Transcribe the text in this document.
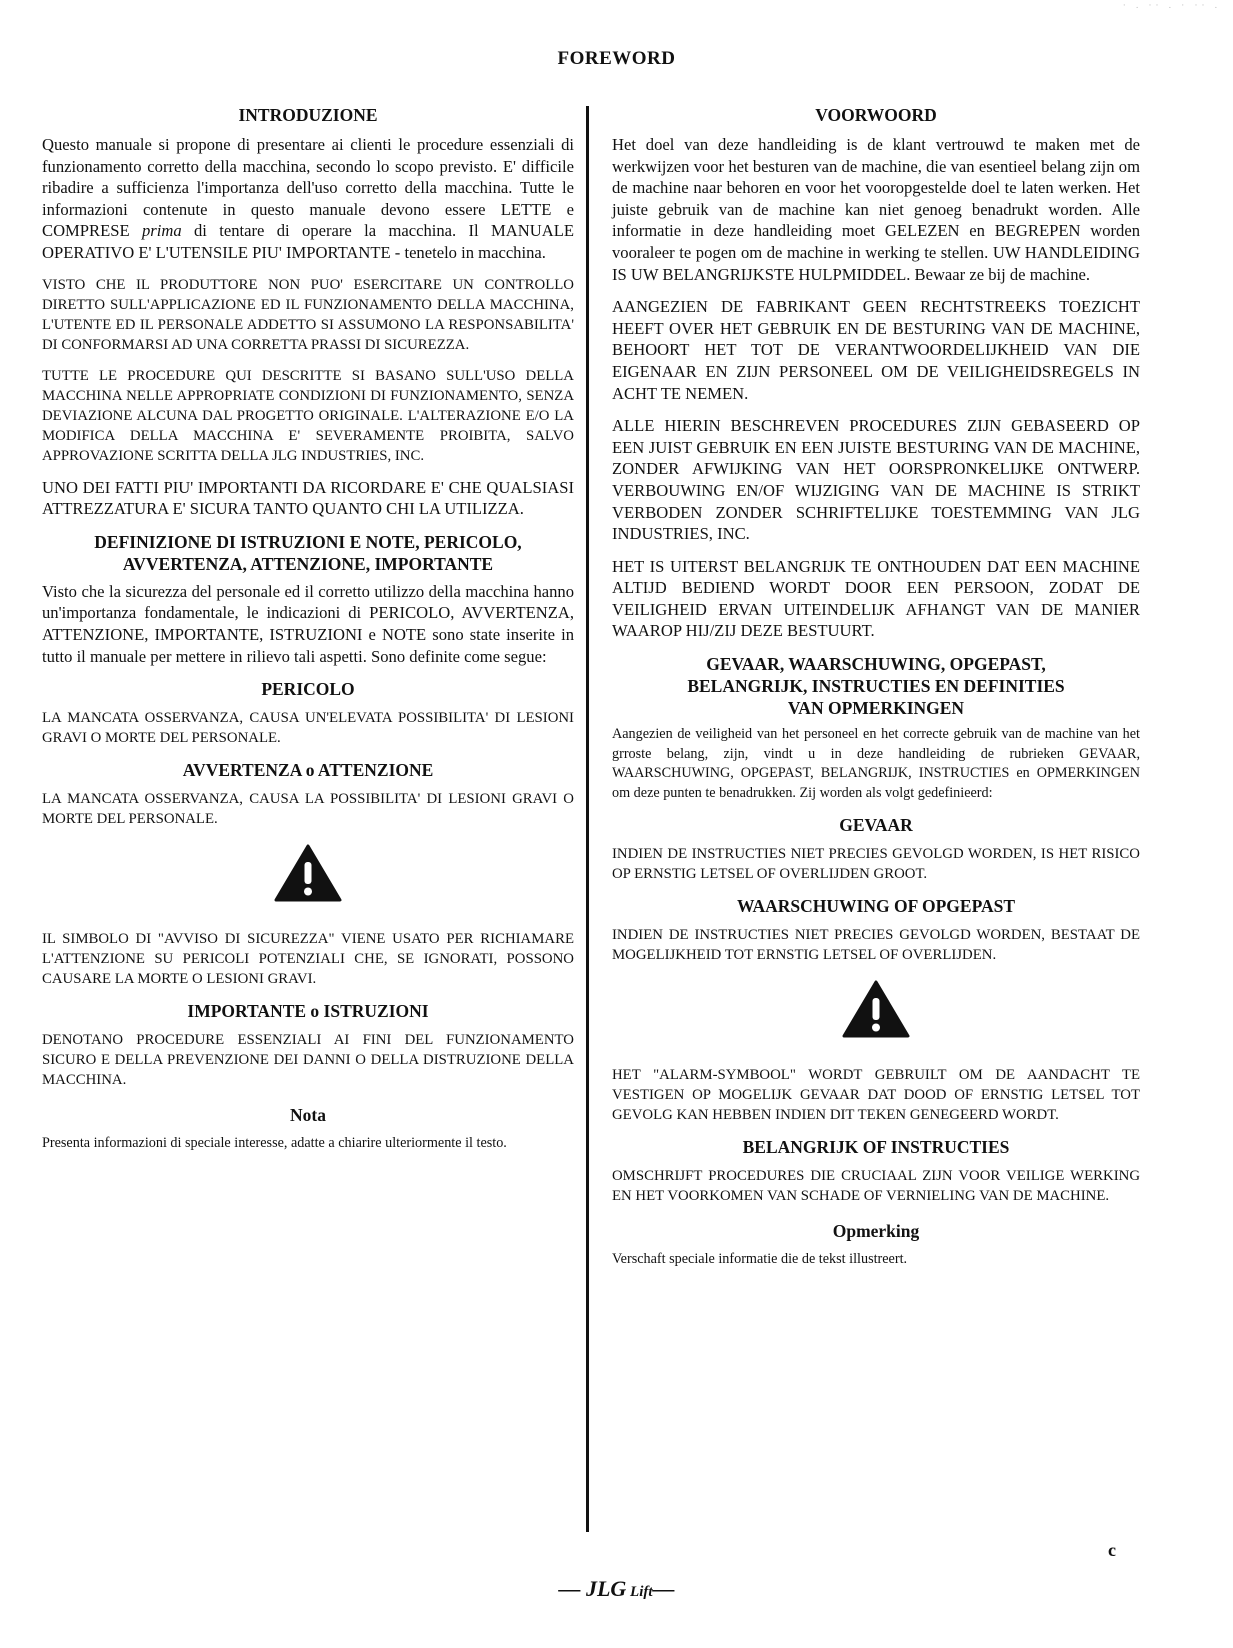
· . ·· . · ·· .
FOREWORD
INTRODUZIONE

Questo manuale si propone di presentare ai clienti le procedure essenziali di funzionamento corretto della macchina, secondo lo scopo previsto. E' difficile ribadire a sufficienza l'importanza dell'uso corretto della macchina. Tutte le informazioni contenute in questo manuale devono essere LETTE e COMPRESE prima di tentare di operare la macchina. Il MANUALE OPERATIVO E' L'UTENSILE PIU' IMPORTANTE - tenetelo in macchina.

VISTO CHE IL PRODUTTORE NON PUO' ESERCITARE UN CONTROLLO DIRETTO SULL'APPLICAZIONE ED IL FUNZIONAMENTO DELLA MACCHINA, L'UTENTE ED IL PERSONALE ADDETTO SI ASSUMONO LA RESPONSABILITA' DI CONFORMARSI AD UNA CORRETTA PRASSI DI SICUREZZA.

TUTTE LE PROCEDURE QUI DESCRITTE SI BASANO SULL'USO DELLA MACCHINA NELLE APPROPRIATE CONDIZIONI DI FUNZIONAMENTO, SENZA DEVIAZIONE ALCUNA DAL PROGETTO ORIGINALE. L'ALTERAZIONE E/O LA MODIFICA DELLA MACCHINA E' SEVERAMENTE PROIBITA, SALVO APPROVAZIONE SCRITTA DELLA JLG INDUSTRIES, INC.

UNO DEI FATTI PIU' IMPORTANTI DA RICORDARE E' CHE QUALSIASI ATTREZZATURA E' SICURA TANTO QUANTO CHI LA UTILIZZA.

DEFINIZIONE DI ISTRUZIONI E NOTE, PERICOLO,
AVVERTENZA, ATTENZIONE, IMPORTANTE

Visto che la sicurezza del personale ed il corretto utilizzo della macchina hanno un'importanza fondamentale, le indicazioni di PERICOLO, AVVERTENZA, ATTENZIONE, IMPORTANTE, ISTRUZIONI e NOTE sono state inserite in tutto il manuale per mettere in rilievo tali aspetti. Sono definite come segue:

PERICOLO

LA MANCATA OSSERVANZA, CAUSA UN'ELEVATA POSSIBILITA' DI LESIONI GRAVI O MORTE DEL PERSONALE.

AVVERTENZA o ATTENZIONE

LA MANCATA OSSERVANZA, CAUSA LA POSSIBILITA' DI LESIONI GRAVI O MORTE DEL PERSONALE.

IL SIMBOLO DI "AVVISO DI SICUREZZA" VIENE USATO PER RICHIAMARE L'ATTENZIONE SU PERICOLI POTENZIALI CHE, SE IGNORATI, POSSONO CAUSARE LA MORTE O LESIONI GRAVI.

IMPORTANTE o ISTRUZIONI

DENOTANO PROCEDURE ESSENZIALI AI FINI DEL FUNZIONAMENTO SICURO E DELLA PREVENZIONE DEI DANNI O DELLA DISTRUZIONE DELLA MACCHINA.

Nota

Presenta informazioni di speciale interesse, adatte a chiarire ulteriormente il testo.

VOORWOORD

Het doel van deze handleiding is de klant vertrouwd te maken met de werkwijzen voor het besturen van de machine, die van esentieel belang zijn om de machine naar behoren en voor het vooropgestelde doel te laten werken. Het juiste gebruik van de machine kan niet genoeg benadrukt worden. Alle informatie in deze handleiding moet GELEZEN en BEGREPEN worden vooraleer te pogen om de machine in werking te stellen. UW HANDLEIDING IS UW BELANGRIJKSTE HULPMIDDEL. Bewaar ze bij de machine.

AANGEZIEN DE FABRIKANT GEEN RECHTSTREEKS TOEZICHT HEEFT OVER HET GEBRUIK EN DE BESTURING VAN DE MACHINE, BEHOORT HET TOT DE VERANTWOORDELIJKHEID VAN DIE EIGENAAR EN ZIJN PERSONEEL OM DE VEILIGHEIDSREGELS IN ACHT TE NEMEN.

ALLE HIERIN BESCHREVEN PROCEDURES ZIJN GEBASEERD OP EEN JUIST GEBRUIK EN EEN JUISTE BESTURING VAN DE MACHINE, ZONDER AFWIJKING VAN HET OORSPRONKELIJKE ONTWERP. VERBOUWING EN/OF WIJZIGING VAN DE MACHINE IS STRIKT VERBODEN ZONDER SCHRIFTELIJKE TOESTEMMING VAN JLG INDUSTRIES, INC.

HET IS UITERST BELANGRIJK TE ONTHOUDEN DAT EEN MACHINE ALTIJD BEDIEND WORDT DOOR EEN PERSOON, ZODAT DE VEILIGHEID ERVAN UITEINDELIJK AFHANGT VAN DE MANIER WAAROP HIJ/ZIJ DEZE BESTUURT.

GEVAAR, WAARSCHUWING, OPGEPAST,
BELANGRIJK, INSTRUCTIES EN DEFINITIES
VAN OPMERKINGEN

Aangezien de veiligheid van het personeel en het correcte gebruik van de machine van het grroste belang, zijn, vindt u in deze handleiding de rubrieken GEVAAR, WAARSCHUWING, OPGEPAST, BELANGRIJK, INSTRUCTIES en OPMERKINGEN om deze punten te benadrukken. Zij worden als volgt gedefinieerd:

GEVAAR

INDIEN DE INSTRUCTIES NIET PRECIES GEVOLGD WORDEN, IS HET RISICO OP ERNSTIG LETSEL OF OVERLIJDEN GROOT.

WAARSCHUWING OF OPGEPAST

INDIEN DE INSTRUCTIES NIET PRECIES GEVOLGD WORDEN, BESTAAT DE MOGELIJKHEID TOT ERNSTIG LETSEL OF OVERLIJDEN.

HET "ALARM-SYMBOOL" WORDT GEBRUILT OM DE AANDACHT TE VESTIGEN OP MOGELIJK GEVAAR DAT DOOD OF ERNSTIG LETSEL TOT GEVOLG KAN HEBBEN INDIEN DIT TEKEN GENEGEERD WORDT.

BELANGRIJK OF INSTRUCTIES

OMSCHRIJFT PROCEDURES DIE CRUCIAAL ZIJN VOOR VEILIGE WERKING EN HET VOORKOMEN VAN SCHADE OF VERNIELING VAN DE MACHINE.

Opmerking

Verschaft speciale informatie die de tekst illustreert.

c
— JLG Lift—
